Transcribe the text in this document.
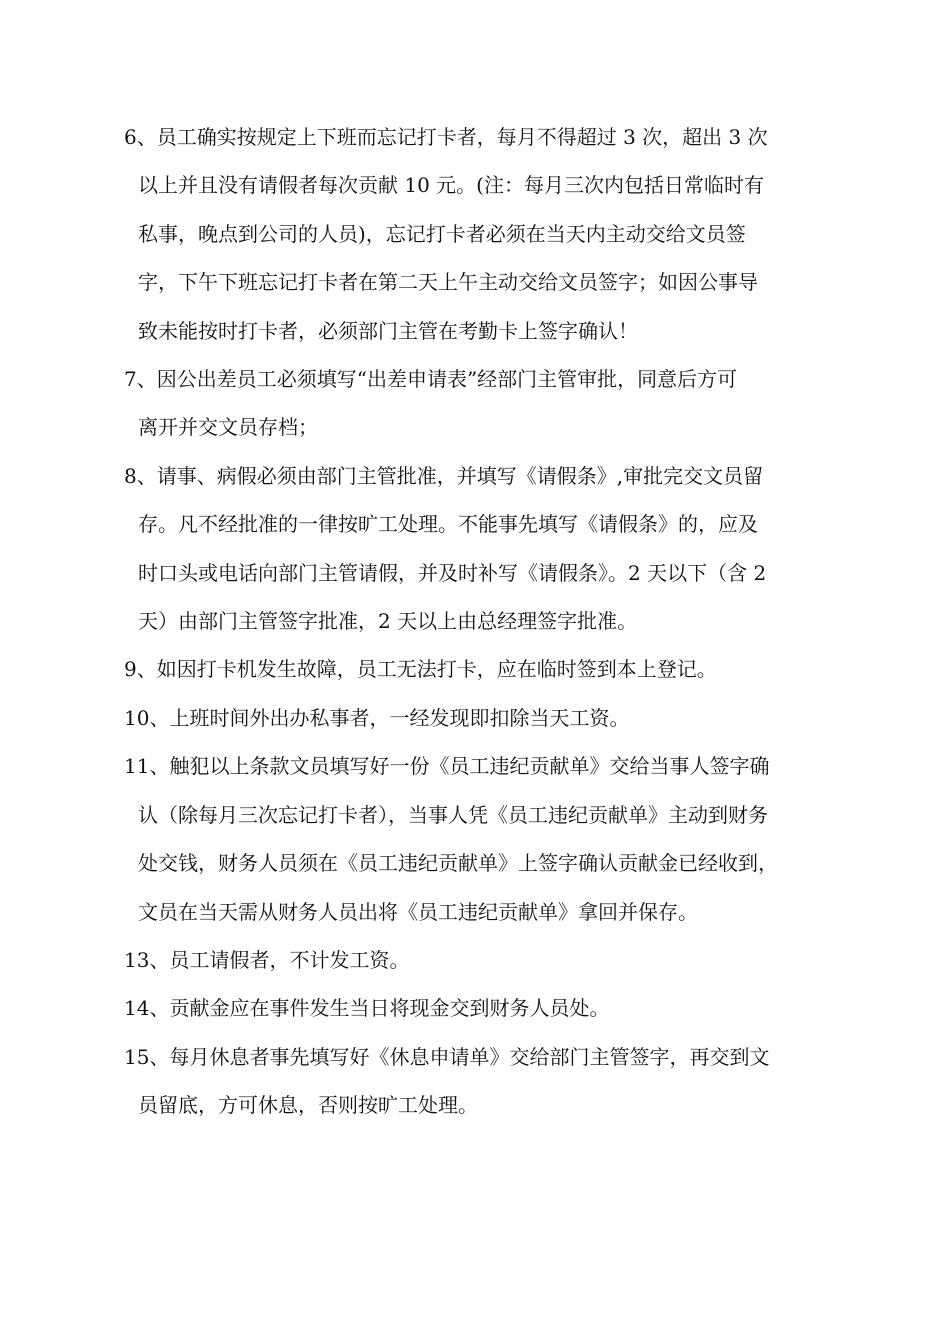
6、员工确实按规定上下班而忘记打卡者，每月不得超过 3 次，超出 3 次
以上并且没有请假者每次贡献 10 元。(注：每月三次内包括日常临时有
私事，晚点到公司的人员)，忘记打卡者必须在当天内主动交给文员签
字，下午下班忘记打卡者在第二天上午主动交给文员签字；如因公事导
致未能按时打卡者，必须部门主管在考勤卡上签字确认！
7、因公出差员工必须填写“出差申请表”经部门主管审批，同意后方可
离开并交文员存档；
8、请事、病假必须由部门主管批准，并填写《请假条》,审批完交文员留
存。凡不经批准的一律按旷工处理。不能事先填写《请假条》的，应及
时口头或电话向部门主管请假，并及时补写《请假条》。2 天以下（含 2
天）由部门主管签字批准，2 天以上由总经理签字批准。
9、如因打卡机发生故障，员工无法打卡，应在临时签到本上登记。
10、上班时间外出办私事者，一经发现即扣除当天工资。
11、触犯以上条款文员填写好一份《员工违纪贡献单》交给当事人签字确
认（除每月三次忘记打卡者），当事人凭《员工违纪贡献单》主动到财务
处交钱，财务人员须在《员工违纪贡献单》上签字确认贡献金已经收到，
文员在当天需从财务人员出将《员工违纪贡献单》拿回并保存。
13、员工请假者，不计发工资。
14、贡献金应在事件发生当日将现金交到财务人员处。
15、每月休息者事先填写好《休息申请单》交给部门主管签字，再交到文
员留底，方可休息，否则按旷工处理。
